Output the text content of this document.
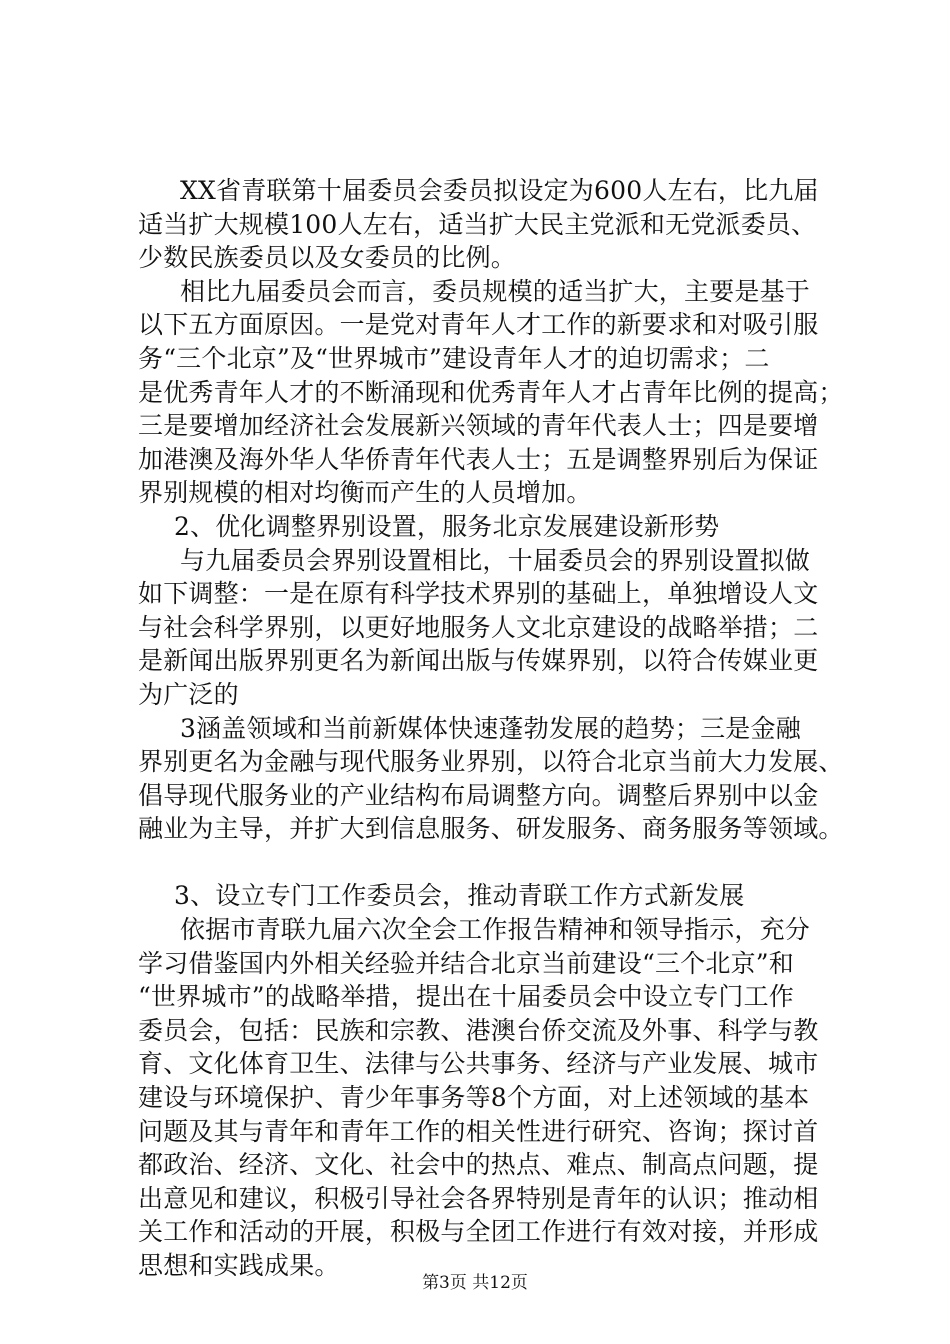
XX省青联第十届委员会委员拟设定为600人左右，比九届
适当扩大规模100人左右，适当扩大民主党派和无党派委员、
少数民族委员以及女委员的比例。
相比九届委员会而言，委员规模的适当扩大，主要是基于
以下五方面原因。一是党对青年人才工作的新要求和对吸引服
务“三个北京”及“世界城市”建设青年人才的迫切需求；二
是优秀青年人才的不断涌现和优秀青年人才占青年比例的提高；
三是要增加经济社会发展新兴领域的青年代表人士；四是要增
加港澳及海外华人华侨青年代表人士；五是调整界别后为保证
界别规模的相对均衡而产生的人员增加。
2、优化调整界别设置，服务北京发展建设新形势
与九届委员会界别设置相比，十届委员会的界别设置拟做
如下调整：一是在原有科学技术界别的基础上，单独增设人文
与社会科学界别，以更好地服务人文北京建设的战略举措；二
是新闻出版界别更名为新闻出版与传媒界别，以符合传媒业更
为广泛的
3涵盖领域和当前新媒体快速蓬勃发展的趋势；三是金融
界别更名为金融与现代服务业界别，以符合北京当前大力发展、
倡导现代服务业的产业结构布局调整方向。调整后界别中以金
融业为主导，并扩大到信息服务、研发服务、商务服务等领域。
3、设立专门工作委员会，推动青联工作方式新发展
依据市青联九届六次全会工作报告精神和领导指示，充分
学习借鉴国内外相关经验并结合北京当前建设“三个北京”和
“世界城市”的战略举措，提出在十届委员会中设立专门工作
委员会，包括：民族和宗教、港澳台侨交流及外事、科学与教
育、文化体育卫生、法律与公共事务、经济与产业发展、城市
建设与环境保护、青少年事务等8个方面，对上述领域的基本
问题及其与青年和青年工作的相关性进行研究、咨询；探讨首
都政治、经济、文化、社会中的热点、难点、制高点问题，提
出意见和建议，积极引导社会各界特别是青年的认识；推动相
关工作和活动的开展，积极与全团工作进行有效对接，并形成
思想和实践成果。
第3页 共12页
